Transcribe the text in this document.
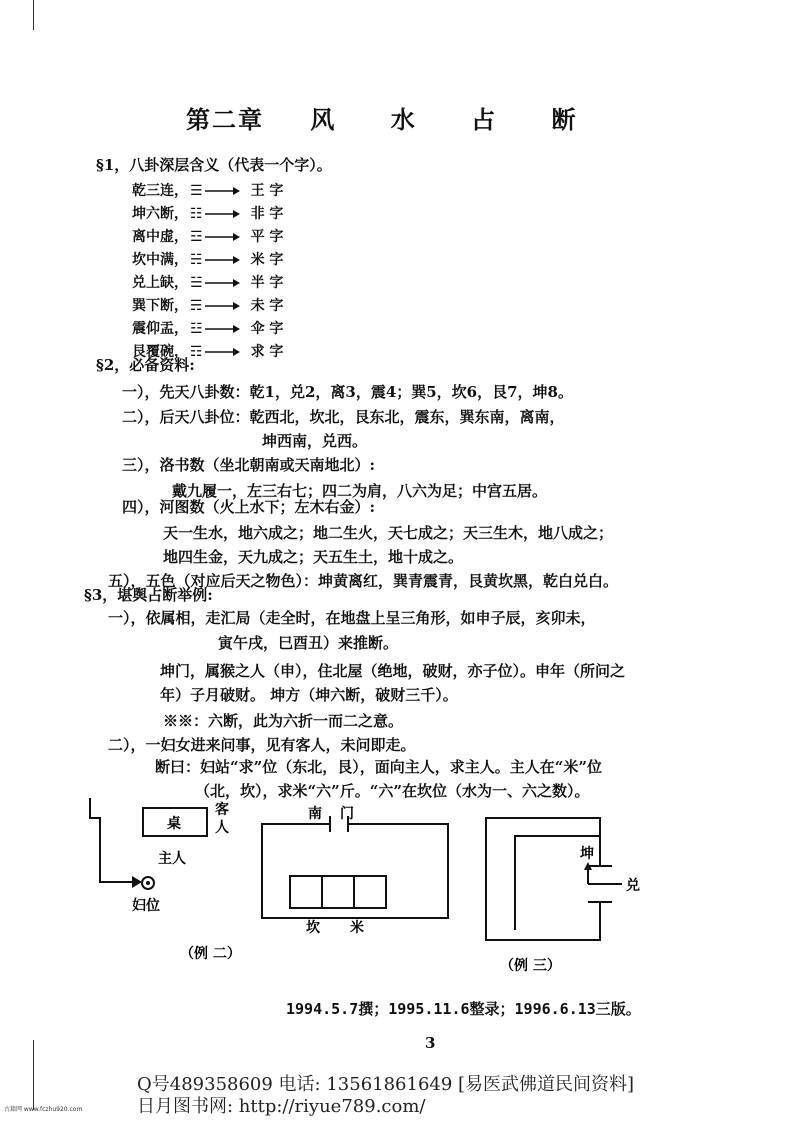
第二章 风 水 占 断
§1，八卦深层含义（代表一个字）。
乾三连， ☰	王 字
坤六断， ☷	非 字
离中虚， ☲	平 字
坎中满， ☵	米 字
兑上缺， ☱	半 字
巽下断， ☴	未 字
震仰盂， ☳	伞 字
艮覆碗， ☶	求 字
§2，必备资料:
一），先天八卦数：乾1，兑2，离3，震4；巽5，坎6，艮7，坤8。
二），后天八卦位：乾西北，坎北，艮东北，震东，巽东南，离南，
坤西南，兑西。
三），洛书数（坐北朝南或天南地北）:
戴九履一，左三右七；四二为肩，八六为足；中宫五居。
四），河图数（火上水下；左木右金）:
天一生水，地六成之；地二生火，天七成之；天三生木，地八成之；
地四生金，天九成之；天五生土，地十成之。
五），五色（对应后天之物色）：坤黄离红，巽青震青，艮黄坎黑，乾白兑白。
§3，堪舆占断举例:
一），依属相，走汇局（走全时，在地盘上呈三角形，如申子辰，亥卯未，
寅午戌，巳酉丑）来推断。
坤门，属猴之人（申），住北屋（绝地，破财，亦子位）。申年（所问之
年）子月破财。 坤方（坤六断，破财三千）。
※※：六断，此为六折一而二之意。
二），一妇女进来问事，见有客人，未问即走。
断曰：妇站“求”位（东北，艮），面向主人，求主人。主人在“米”位
（北，坎），求米“六”斤。“六”在坎位（水为一、六之数）。
桌
客
人
主人
妇位
南 门
坎 米
（例 二）
坤
兑
（例 三）
1994.5.7撰；1995.11.6整录；1996.6.13三版。
3
Q号489358609 电话: 13561861649 [易医武佛道民间资料]
日月图书网: http://riyue789.com/
古籍网 www.fczhu920.com
